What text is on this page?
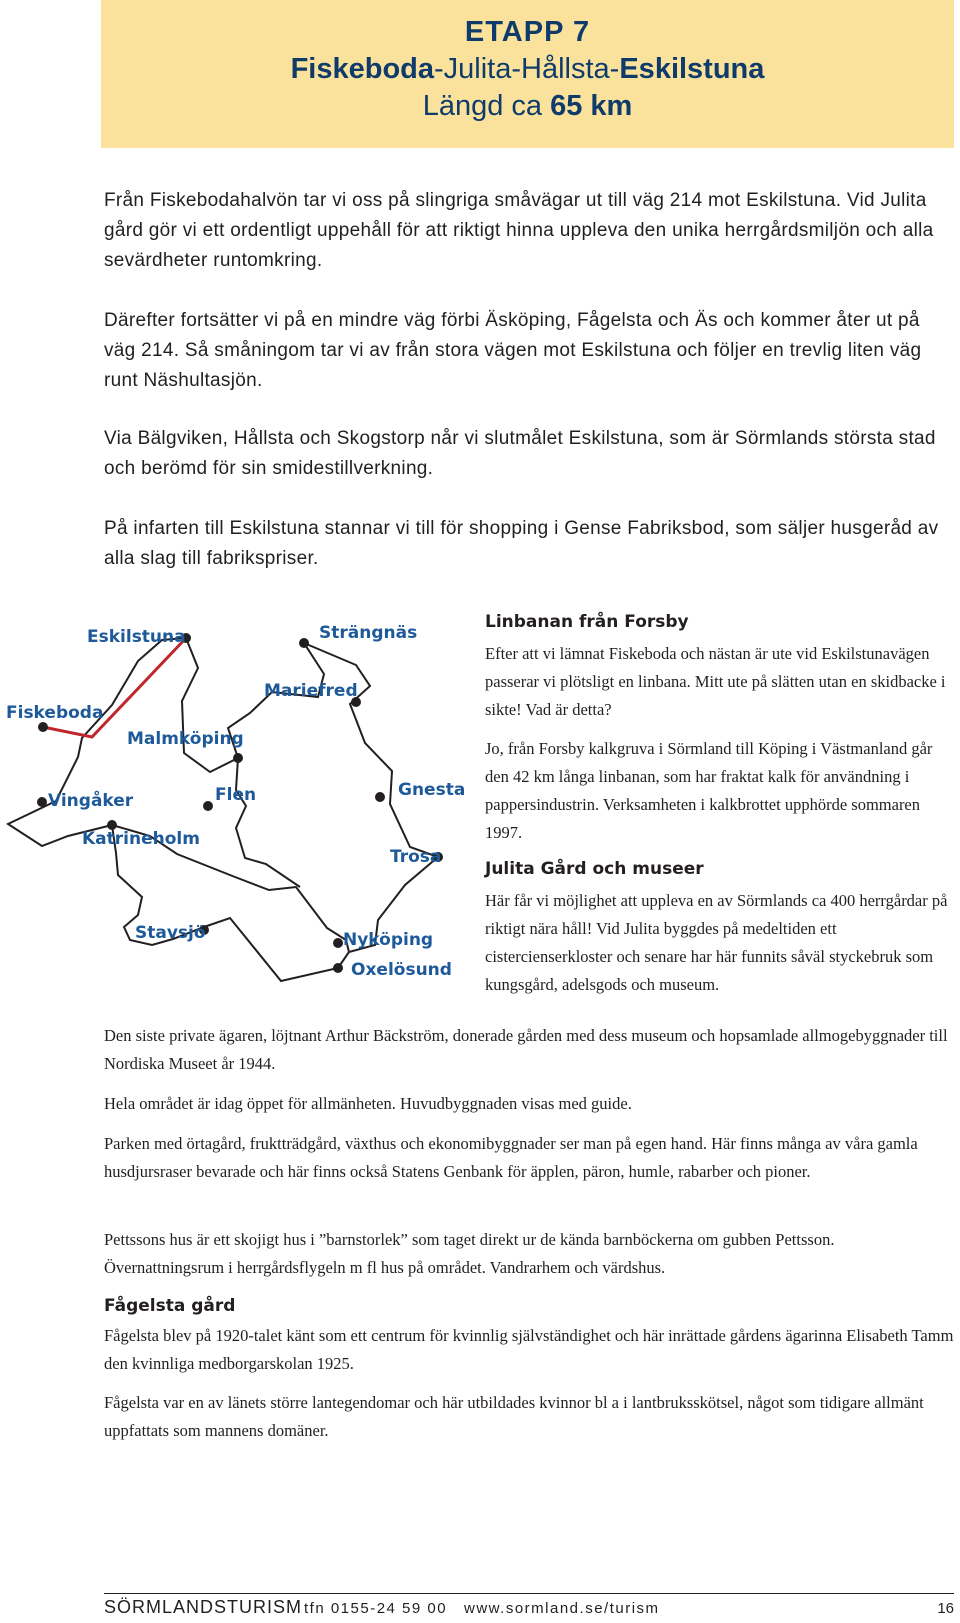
ETAPP 7
Fiskeboda-Julita-Hållsta-Eskilstuna
Längd ca 65 km
Från Fiskebodahalvön tar vi oss på slingriga småvägar ut till väg 214 mot Eskilstuna. Vid Julita gård gör vi ett ordentligt uppehåll för att riktigt hinna uppleva den unika herrgårdsmiljön och alla sevärdheter runtomkring.
Därefter fortsätter vi på en mindre väg förbi Äsköping, Fågelsta och Äs och kommer åter ut på väg 214. Så småningom tar vi av från stora vägen mot Eskilstuna och följer en trevlig liten väg runt Näshultasjön.
Via Bälgviken, Hållsta och Skogstorp når vi slutmålet Eskilstuna, som är Sörmlands största stad och berömd för sin smidestillverkning.
På infarten till Eskilstuna stannar vi till för shopping i Gense Fabriksbod, som säljer husgeråd av alla slag till fabrikspriser.
Eskilstuna	Strängnäs
Mariefred
Fiskeboda
Malmköping
Flen	Gnesta
Vingåker
Katrineholm
Trosa
Stavsjö	Nyköping
Oxelösund
Linbanan från Forsby

Efter att vi lämnat Fiskeboda och nästan är ute vid Eskilstunavägen passerar vi plötsligt en linbana. Mitt ute på slätten utan en skidbacke i sikte! Vad är detta?

Jo, från Forsby kalkgruva i Sörmland till Köping i Västmanland går den 42 km långa linbanan, som har fraktat kalk för användning i pappersindustrin. Verksamheten i kalkbrottet upphörde sommaren 1997.

Julita Gård och museer

Här får vi möjlighet att uppleva en av Sörmlands ca 400 herrgårdar på riktigt nära håll! Vid Julita byggdes på medeltiden ett cistercienserkloster och senare har här funnits såväl styckebruk som kungsgård, adelsgods och museum.

Den siste private ägaren, löjtnant Arthur Bäckström, donerade gården med dess museum och hopsamlade allmogebyggnader till Nordiska Museet år 1944.
Hela området är idag öppet för allmänheten. Huvudbyggnaden visas med guide.
Parken med örtagård, fruktträdgård, växthus och ekonomibyggnader ser man på egen hand. Här finns många av våra gamla husdjursraser bevarade och här finns också Statens Genbank för äpplen, päron, humle, rabarber och pioner.
Pettssons hus är ett skojigt hus i ”barnstorlek” som taget direkt ur de kända barnböckerna om gubben Pettsson. Övernattningsrum i herrgårdsflygeln m fl hus på området. Vandrarhem och värdshus.
Fågelsta gård
Fågelsta blev på 1920-talet känt som ett centrum för kvinnlig självständighet och här inrättade gårdens ägarinna Elisabeth Tamm den kvinnliga medborgarskolan 1925.
Fågelsta var en av länets större lantegendomar och här utbildades kvinnor bl a i lantbruksskötsel, något som tidigare allmänt uppfattats som mannens domäner.
SÖRMLANDSTURISM tfn 0155-24 59 00 www.sormland.se/turism	16
